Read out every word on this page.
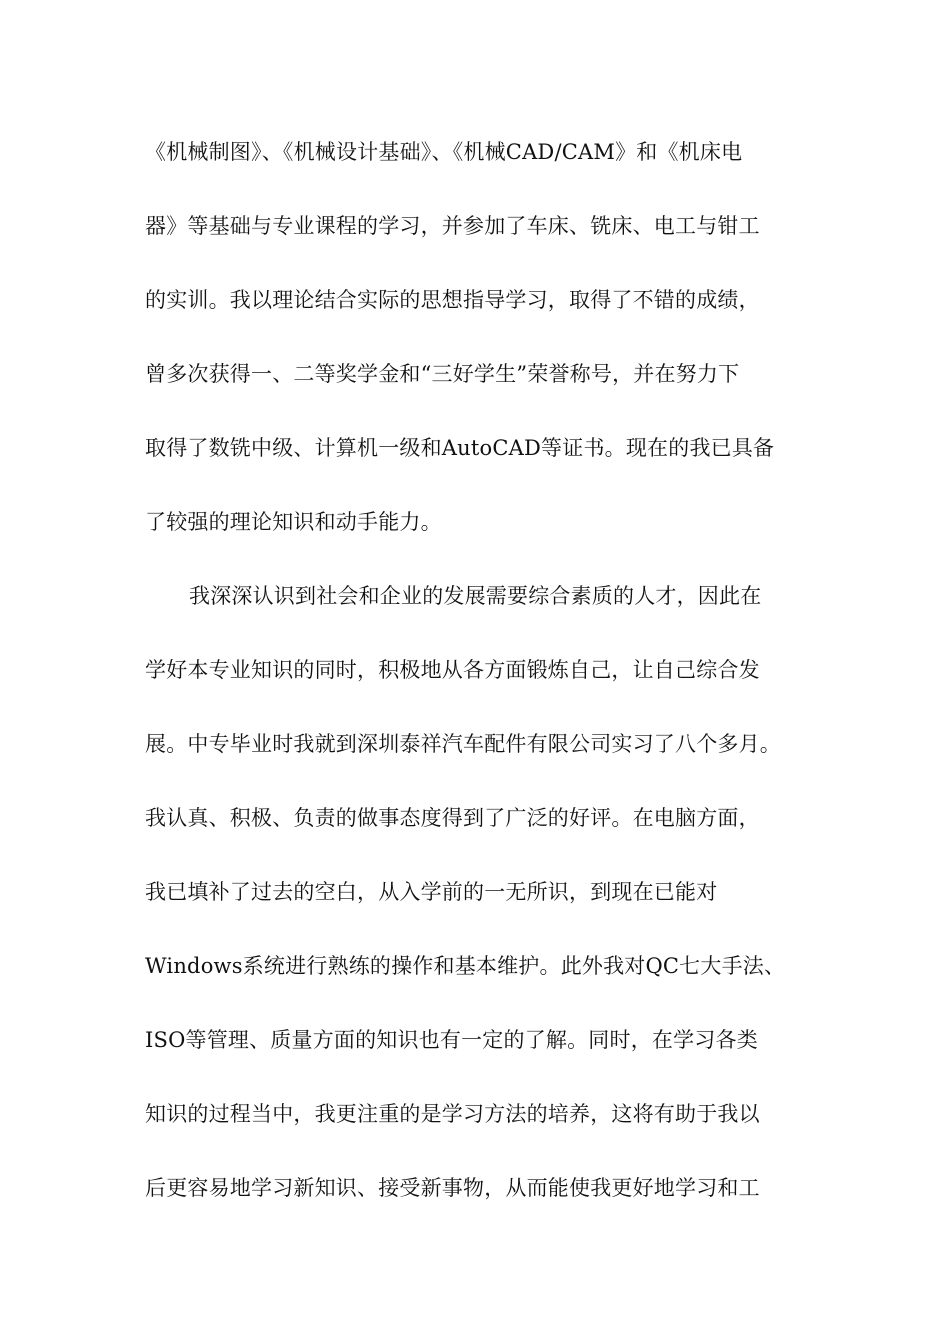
《机械制图》、《机械设计基础》、《机械CAD/CAM》和《机床电
器》等基础与专业课程的学习，并参加了车床、铣床、电工与钳工
的实训。我以理论结合实际的思想指导学习，取得了不错的成绩，
曾多次获得一、二等奖学金和“三好学生”荣誉称号，并在努力下
取得了数铣中级、计算机一级和AutoCAD等证书。现在的我已具备
了较强的理论知识和动手能力。
我深深认识到社会和企业的发展需要综合素质的人才，因此在
学好本专业知识的同时，积极地从各方面锻炼自己，让自己综合发
展。中专毕业时我就到深圳泰祥汽车配件有限公司实习了八个多月。
我认真、积极、负责的做事态度得到了广泛的好评。在电脑方面，
我已填补了过去的空白，从入学前的一无所识，到现在已能对
Windows系统进行熟练的操作和基本维护。此外我对QC七大手法、
ISO等管理、质量方面的知识也有一定的了解。同时，在学习各类
知识的过程当中，我更注重的是学习方法的培养，这将有助于我以
后更容易地学习新知识、接受新事物，从而能使我更好地学习和工
